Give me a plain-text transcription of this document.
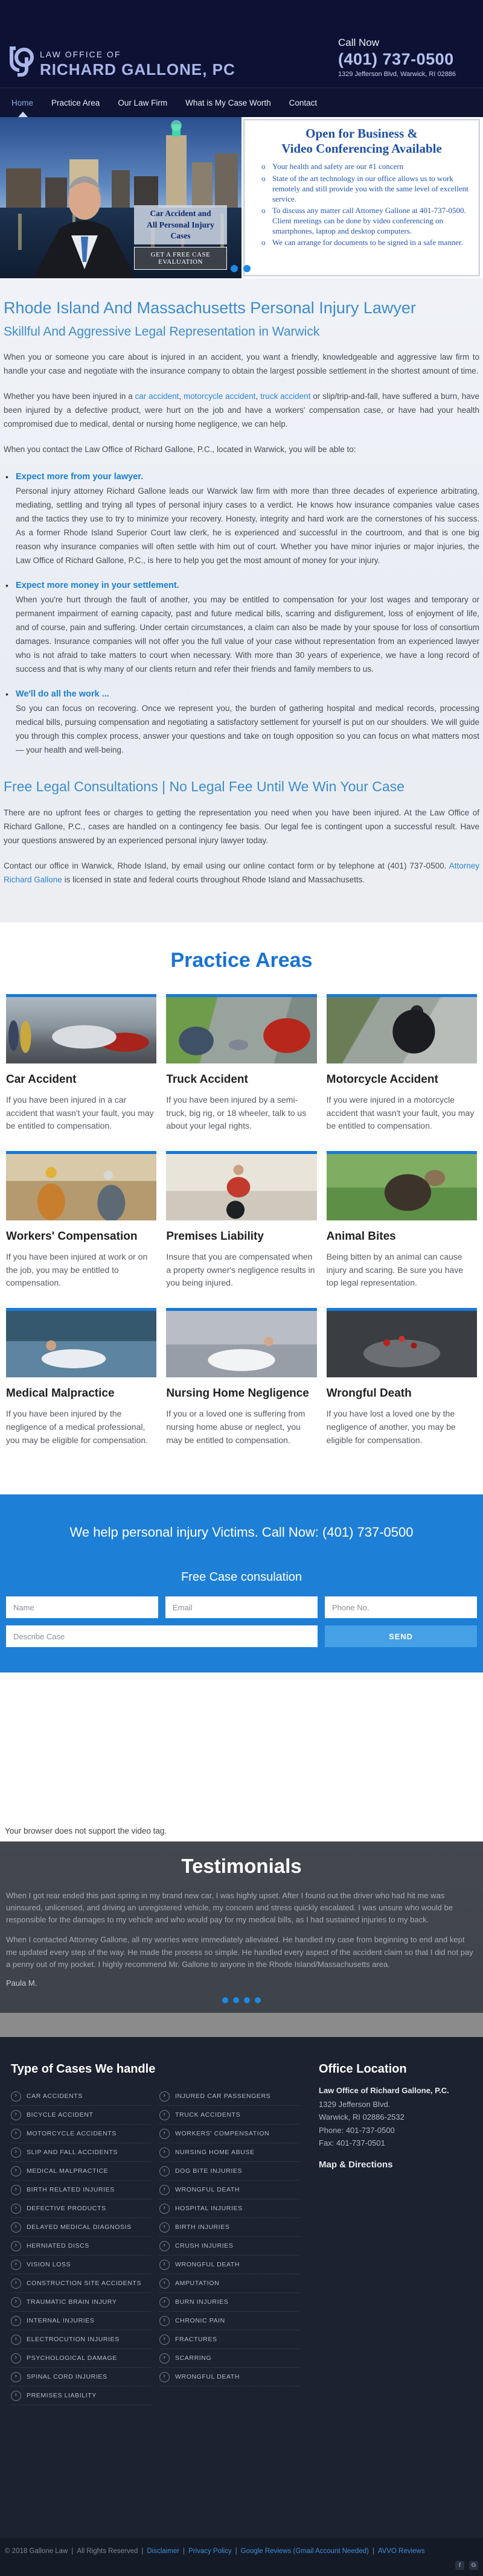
LAW OFFICE OF
RICHARD GALLONE, PC
Call Now
(401) 737-0500
1329 Jefferson Blvd, Warwick, RI 02886
Home Practice Area Our Law Firm What is My Case Worth Contact
Car Accident and
All Personal Injury Cases
GET A FREE CASE EVALUATION
Open for Business &
Video Conferencing Available
o Your health and safety are our #1 concern
o State of the art technology in our office allows us to work remotely and still provide you with the same level of excellent service.
o To discuss any matter call Attorney Gallone at 401-737-0500. Client meetings can be done by video conferencing on smartphones, laptop and desktop computers.
o We can arrange for documents to be signed in a safe manner.
Rhode Island And Massachusetts Personal Injury Lawyer
Skillful And Aggressive Legal Representation in Warwick

When you or someone you care about is injured in an accident, you want a friendly, knowledgeable and aggressive law firm to handle your case and negotiate with the insurance company to obtain the largest possible settlement in the shortest amount of time.

Whether you have been injured in a car accident, motorcycle accident, truck accident or slip/trip-and-fall, have suffered a burn, have been injured by a defective product, were hurt on the job and have a workers' compensation case, or have had your health compromised due to medical, dental or nursing home negligence, we can help.

When you contact the Law Office of Richard Gallone, P.C., located in Warwick, you will be able to:

• Expect more from your lawyer.
Personal injury attorney Richard Gallone leads our Warwick law firm with more than three decades of experience arbitrating, mediating, settling and trying all types of personal injury cases to a verdict. He knows how insurance companies value cases and the tactics they use to try to minimize your recovery. Honesty, integrity and hard work are the cornerstones of his success. As a former Rhode Island Superior Court law clerk, he is experienced and successful in the courtroom, and that is one big reason why insurance companies will often settle with him out of court. Whether you have minor injuries or major injuries, the Law Office of Richard Gallone, P.C., is here to help you get the most amount of money for your injury.
• Expect more money in your settlement.
When you're hurt through the fault of another, you may be entitled to compensation for your lost wages and temporary or permanent impairment of earning capacity, past and future medical bills, scarring and disfigurement, loss of enjoyment of life, and of course, pain and suffering. Under certain circumstances, a claim can also be made by your spouse for loss of consortium damages. Insurance companies will not offer you the full value of your case without representation from an experienced lawyer who is not afraid to take matters to court when necessary. With more than 30 years of experience, we have a long record of success and that is why many of our clients return and refer their friends and family members to us.
• We'll do all the work ...
So you can focus on recovering. Once we represent you, the burden of gathering hospital and medical records, processing medical bills, pursuing compensation and negotiating a satisfactory settlement for yourself is put on our shoulders. We will guide you through this complex process, answer your questions and take on tough opposition so you can focus on what matters most — your health and well-being.
Free Legal Consultations | No Legal Fee Until We Win Your Case

There are no upfront fees or charges to getting the representation you need when you have been injured. At the Law Office of Richard Gallone, P.C., cases are handled on a contingency fee basis. Our legal fee is contingent upon a successful result. Have your questions answered by an experienced personal injury lawyer today.

Contact our office in Warwick, Rhode Island, by email using our online contact form or by telephone at (401) 737-0500. Attorney Richard Gallone is licensed in state and federal courts throughout Rhode Island and Massachusetts.

Practice Areas
Car Accident
If you have been injured in a car accident that wasn't your fault, you may be entitled to compensation.
Truck Accident
If you have been injured by a semi-truck, big rig, or 18 wheeler, talk to us about your legal rights.
Motorcycle Accident
If you were injured in a motorcycle accident that wasn't your fault, you may be entitled to compensation.
Workers' Compensation
If you have been injured at work or on the job, you may be entitled to compensation.
Premises Liability
Insure that you are compensated when a property owner's negligence results in you being injured.
Animal Bites
Being bitten by an animal can cause injury and scaring. Be sure you have top legal representation.
Medical Malpractice
If you have been injured by the negligence of a medical professional, you may be eligible for compensation.
Nursing Home Negligence
If you or a loved one is suffering from nursing home abuse or neglect, you may be entitled to compensation.
Wrongful Death
If you have lost a loved one by the negligence of another, you may be eligible for compensation.
We help personal injury Victims. Call Now: (401) 737-0500
Free Case consulation
Name
Email
Phone No.
Describe Case
SEND
Your browser does not support the video tag.
Testimonials

When I got rear ended this past spring in my brand new car, I was highly upset. After I found out the driver who had hit me was uninsured, unlicensed, and driving an unregistered vehicle, my concern and stress quickly escalated. I was unsure who would be responsible for the damages to my vehicle and who would pay for my medical bills, as I had sustained injuries to my back.

When I contacted Attorney Gallone, all my worries were immediately alleviated. He handled my case from beginning to end and kept me updated every step of the way. He made the process so simple. He handled every aspect of the accident claim so that I did not pay a penny out of my pocket. I highly recommend Mr. Gallone to anyone in the Rhode Island/Massachusetts area.

Paula M.
Type of Cases We handle
›
CAR ACCIDENTS
›
BICYCLE ACCIDENT
›
MOTORCYCLE ACCIDENTS
›
SLIP AND FALL ACCIDENTS
›
MEDICAL MALPRACTICE
›
BIRTH RELATED INJURIES
›
DEFECTIVE PRODUCTS
›
DELAYED MEDICAL DIAGNOSIS
›
HERNIATED DISCS
›
VISION LOSS
›
CONSTRUCTION SITE ACCIDENTS
›
TRAUMATIC BRAIN INJURY
›
INTERNAL INJURIES
›
ELECTROCUTION INJURIES
›
PSYCHOLOGICAL DAMAGE
›
SPINAL CORD INJURIES
›
PREMISES LIABILITY
›
INJURED CAR PASSENGERS
›
TRUCK ACCIDENTS
›
WORKERS' COMPENSATION
›
NURSING HOME ABUSE
›
DOG BITE INJURIES
›
WRONGFUL DEATH
›
HOSPITAL INJURIES
›
BIRTH INJURIES
›
CRUSH INJURIES
›
WRONGFUL DEATH
›
AMPUTATION
›
BURN INJURIES
›
CHRONIC PAIN
›
FRACTURES
›
SCARRING
›
WRONGFUL DEATH
Office Location
Law Office of Richard Gallone, P.C.
1329 Jefferson Blvd.
Warwick, RI 02886-2532
Phone: 401-737-0500
Fax: 401-737-0501
Map & Directions
© 2018 Gallone Law | All Rights Reserved | Disclaimer | Privacy Policy | Google Reviews (Gmail Account Needed) | AVVO Reviews
f	G
